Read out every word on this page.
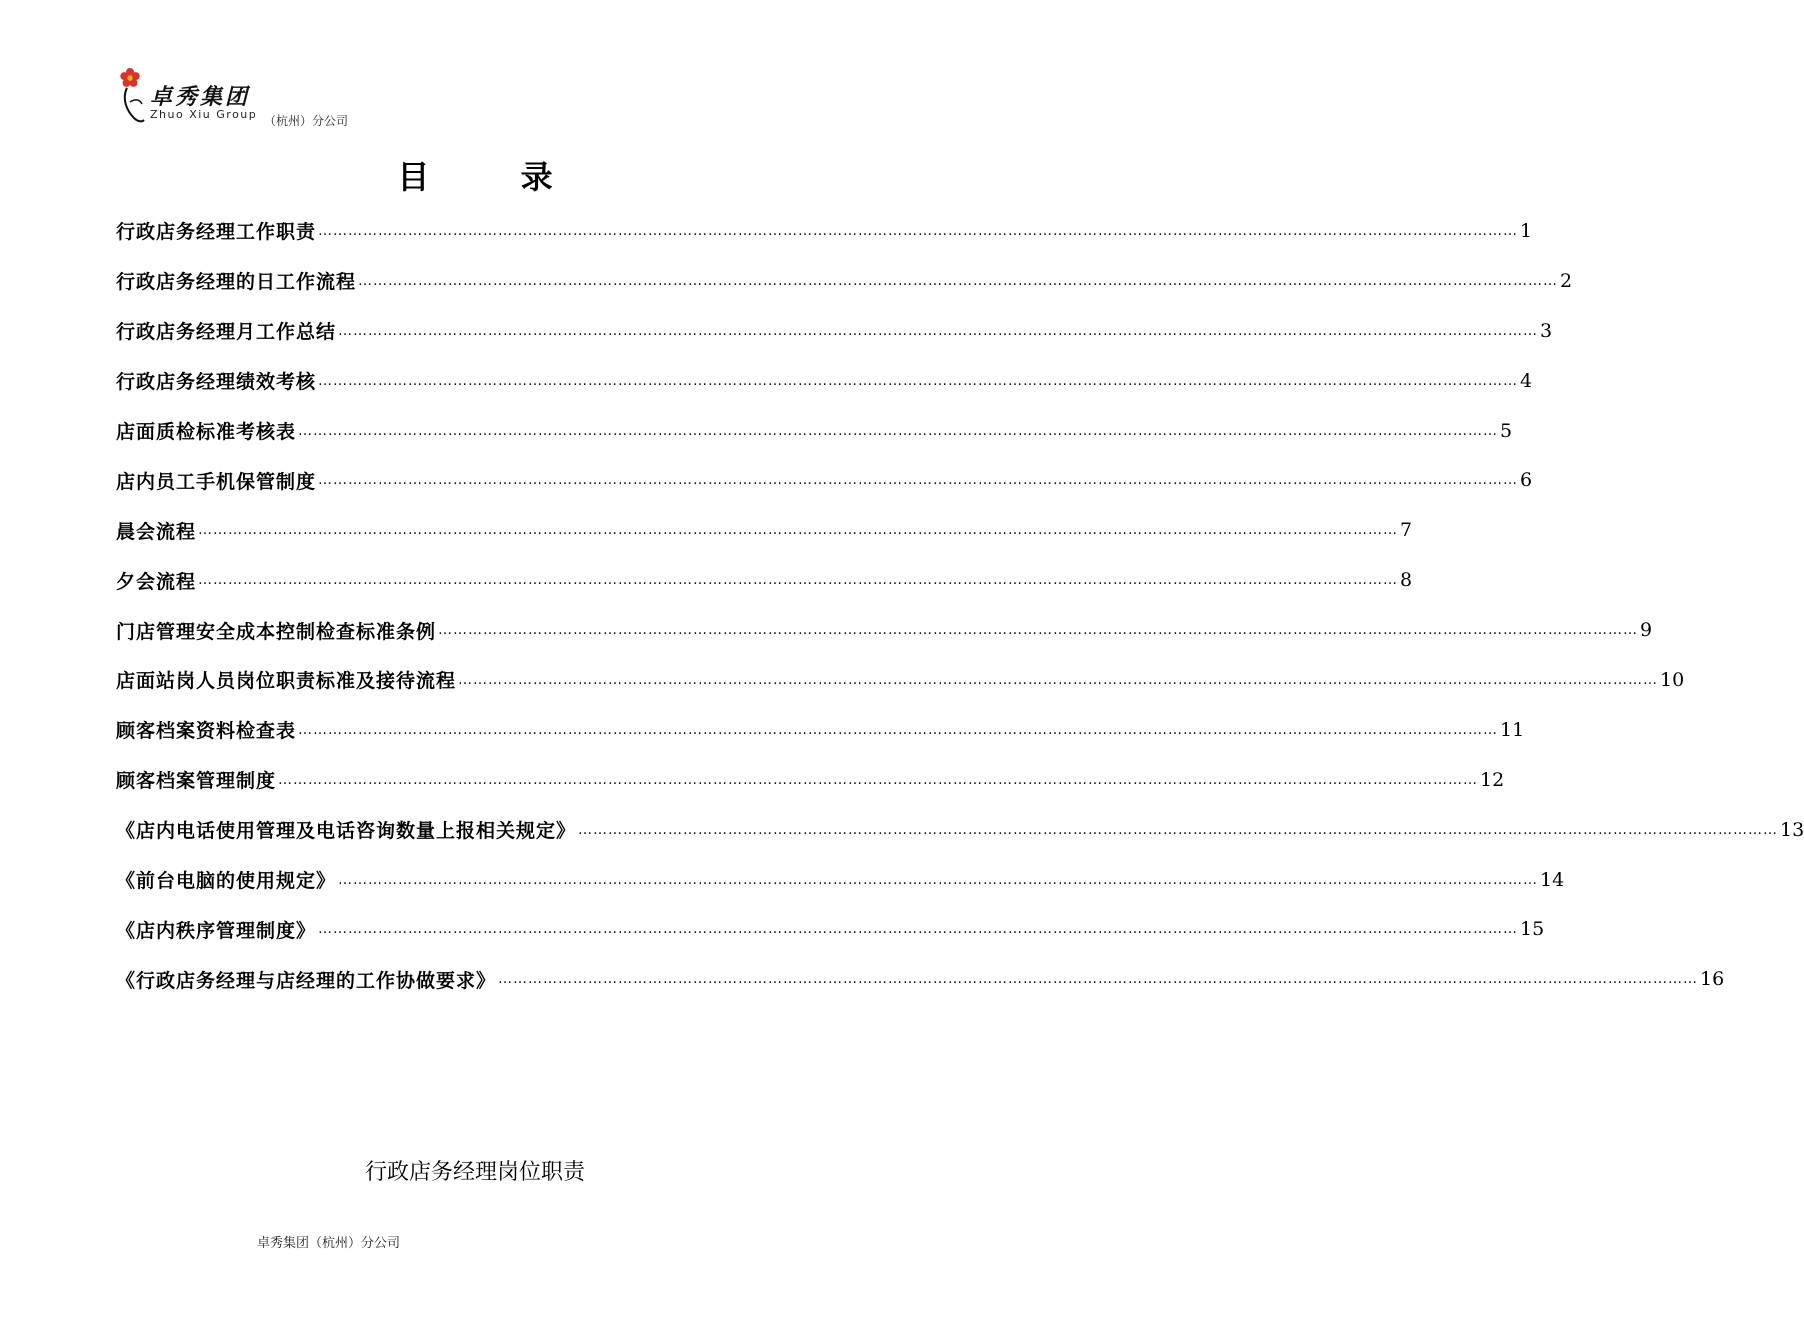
卓秀集团
Zhuo Xiu Group （杭州）分公司
目 录
行政店务经理工作职责 …………………………………………………………………………………………………………………………………………………………………………………………………………………… 1
行政店务经理的日工作流程 …………………………………………………………………………………………………………………………………………………………………………………………………………………… 2
行政店务经理月工作总结 …………………………………………………………………………………………………………………………………………………………………………………………………………………… 3
行政店务经理绩效考核 …………………………………………………………………………………………………………………………………………………………………………………………………………………… 4
店面质检标准考核表 …………………………………………………………………………………………………………………………………………………………………………………………………………………… 5
店内员工手机保管制度 …………………………………………………………………………………………………………………………………………………………………………………………………………………… 6
晨会流程 …………………………………………………………………………………………………………………………………………………………………………………………………………………… 7
夕会流程 …………………………………………………………………………………………………………………………………………………………………………………………………………………… 8
门店管理安全成本控制检查标准条例 …………………………………………………………………………………………………………………………………………………………………………………………………………………… 9
店面站岗人员岗位职责标准及接待流程 …………………………………………………………………………………………………………………………………………………………………………………………………………………… 10
顾客档案资料检查表 …………………………………………………………………………………………………………………………………………………………………………………………………………………… 11
顾客档案管理制度 …………………………………………………………………………………………………………………………………………………………………………………………………………………… 12
《店内电话使用管理及电话咨询数量上报相关规定》 …………………………………………………………………………………………………………………………………………………………………………………………………………………… 13
《前台电脑的使用规定》 …………………………………………………………………………………………………………………………………………………………………………………………………………………… 14
《店内秩序管理制度》 …………………………………………………………………………………………………………………………………………………………………………………………………………………… 15
《行政店务经理与店经理的工作协做要求》 …………………………………………………………………………………………………………………………………………………………………………………………………………………… 16
行政店务经理岗位职责
卓秀集团（杭州）分公司
